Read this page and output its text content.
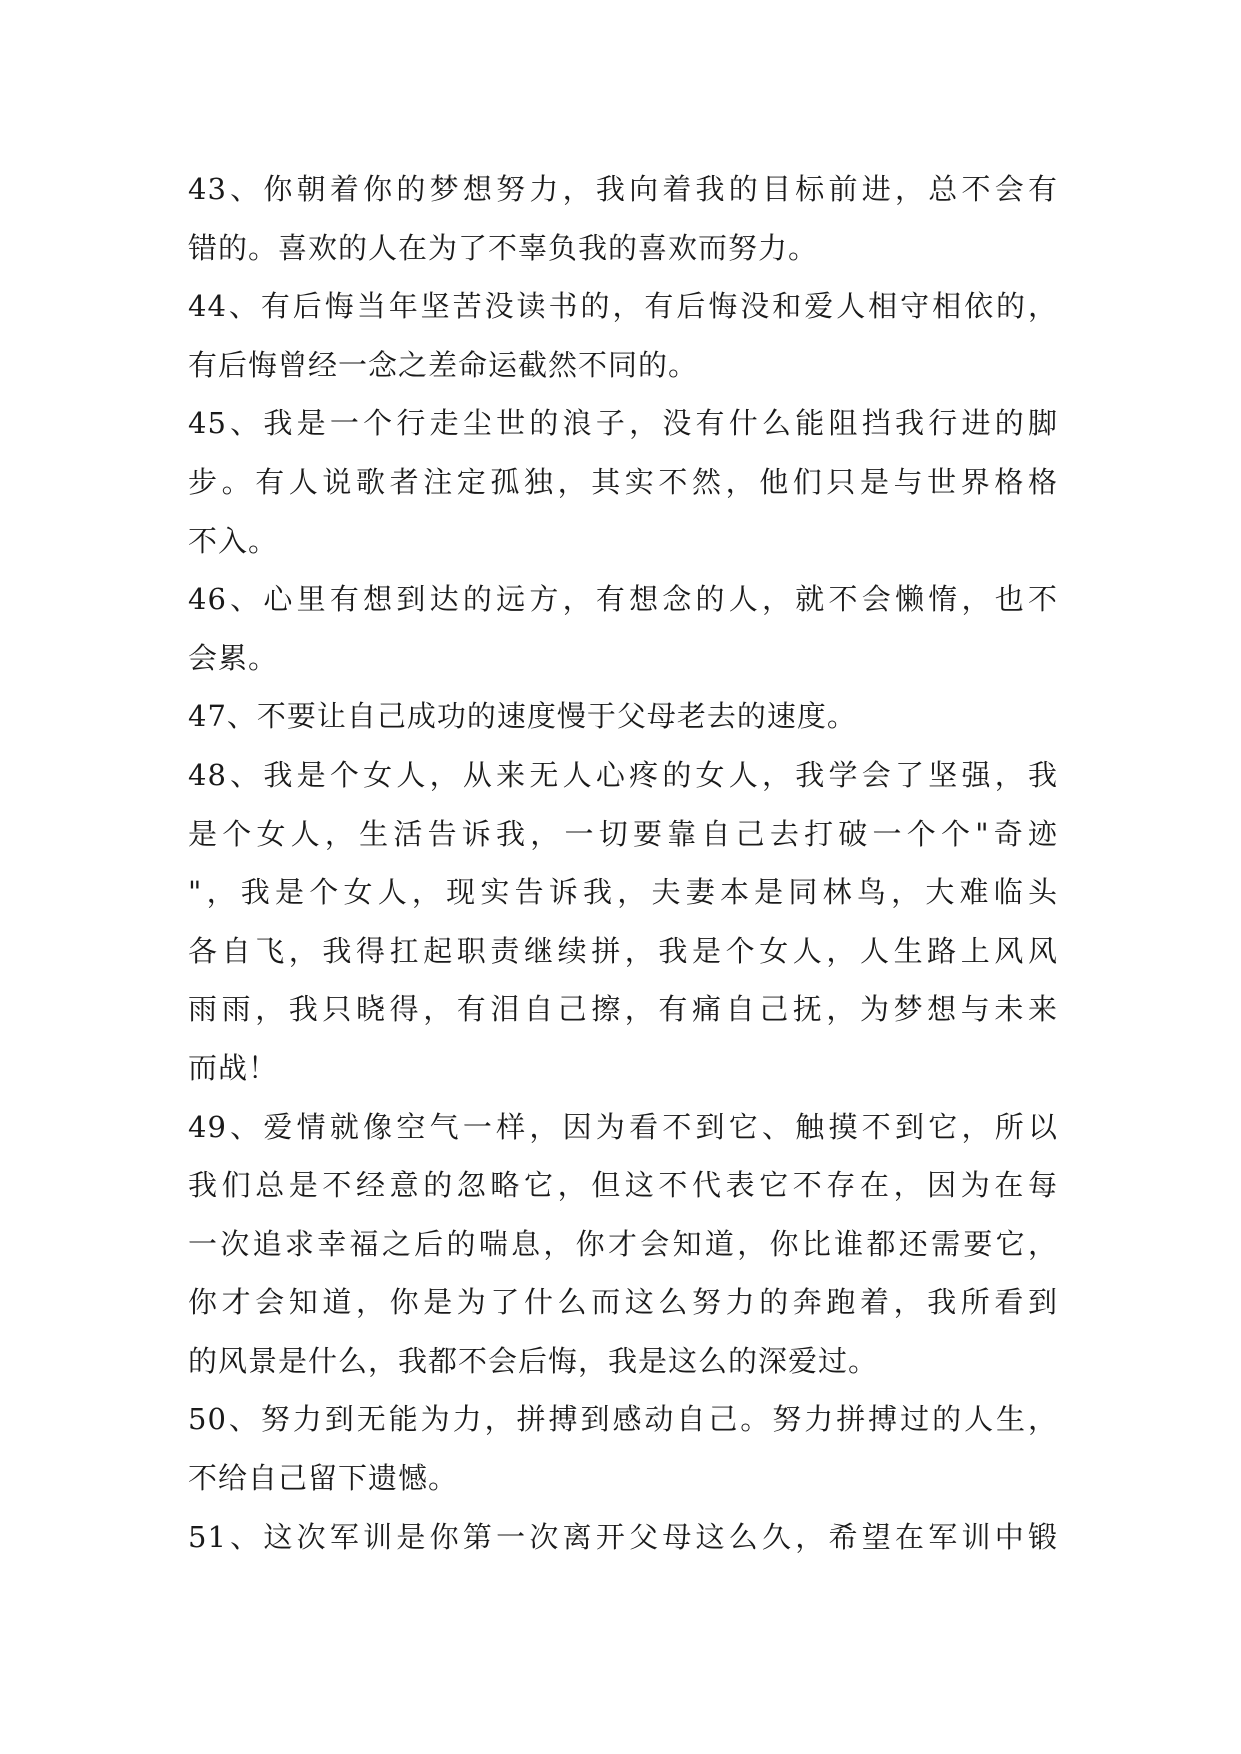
43、你朝着你的梦想努力，我向着我的目标前进，总不会有
错的。喜欢的人在为了不辜负我的喜欢而努力。
44、有后悔当年坚苦没读书的，有后悔没和爱人相守相依的，
有后悔曾经一念之差命运截然不同的。
45、我是一个行走尘世的浪子，没有什么能阻挡我行进的脚
步。有人说歌者注定孤独，其实不然，他们只是与世界格格
不入。
46、心里有想到达的远方，有想念的人，就不会懒惰，也不
会累。
47、不要让自己成功的速度慢于父母老去的速度。
48、我是个女人，从来无人心疼的女人，我学会了坚强，我
是个女人，生活告诉我，一切要靠自己去打破一个个"奇迹
"，我是个女人，现实告诉我，夫妻本是同林鸟，大难临头
各自飞，我得扛起职责继续拼，我是个女人，人生路上风风
雨雨，我只晓得，有泪自己擦，有痛自己抚，为梦想与未来
而战！
49、爱情就像空气一样，因为看不到它、触摸不到它，所以
我们总是不经意的忽略它，但这不代表它不存在，因为在每
一次追求幸福之后的喘息，你才会知道，你比谁都还需要它，
你才会知道，你是为了什么而这么努力的奔跑着，我所看到
的风景是什么，我都不会后悔，我是这么的深爱过。
50、努力到无能为力，拼搏到感动自己。努力拼搏过的人生，
不给自己留下遗憾。
51、这次军训是你第一次离开父母这么久，希望在军训中锻
